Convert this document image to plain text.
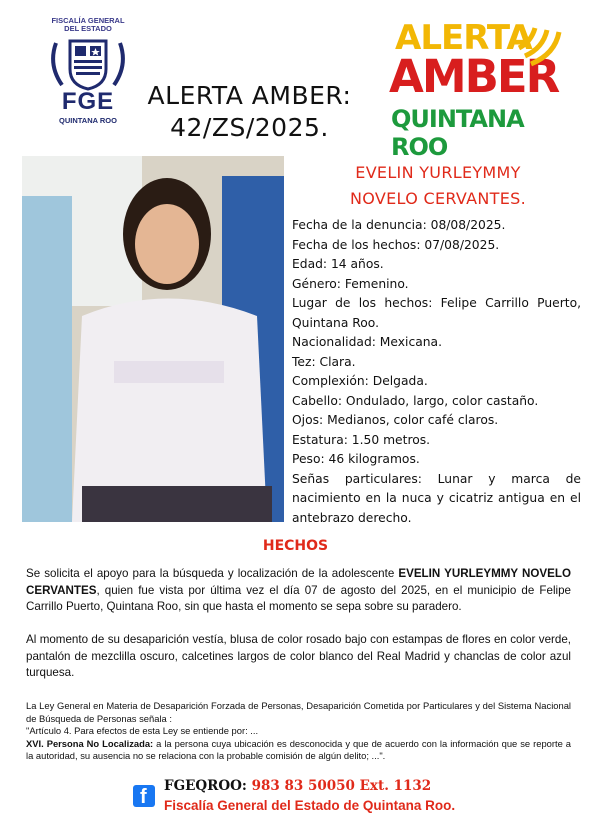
FISCALÍA GENERAL
DEL ESTADO
FGE
QUINTANA ROO
ALERTA AMBER:
42/ZS/2025.
ALERTA
AMBER
QUINTANA ROO
EVELIN YURLEYMMY
NOVELO CERVANTES.
Fecha de la denuncia: 08/08/2025.
Fecha de los hechos: 07/08/2025.
Edad: 14 años.
Género: Femenino.
Lugar de los hechos: Felipe Carrillo Puerto, Quintana Roo.
Nacionalidad: Mexicana.
Tez: Clara.
Complexión: Delgada.
Cabello: Ondulado, largo, color castaño.
Ojos: Medianos, color café claros.
Estatura: 1.50 metros.
Peso: 46 kilogramos.
Señas particulares: Lunar y marca de nacimiento en la nuca y cicatriz antigua en el antebrazo derecho.
HECHOS

Se solicita el apoyo para la búsqueda y localización de la adolescente EVELIN YURLEYMMY NOVELO CERVANTES, quien fue vista por última vez el día 07 de agosto del 2025, en el municipio de Felipe Carrillo Puerto, Quintana Roo, sin que hasta el momento se sepa sobre su paradero.

Al momento de su desaparición vestía, blusa de color rosado bajo con estampas de flores en color verde, pantalón de mezclilla oscuro, calcetines largos de color blanco del Real Madrid y chanclas de color azul turquesa.

La Ley General en Materia de Desaparición Forzada de Personas, Desaparición Cometida por Particulares y del Sistema Nacional de Búsqueda de Personas señala :
"Artículo 4. Para efectos de esta Ley se entiende por: ...
XVI. Persona No Localizada: a la persona cuya ubicación es desconocida y que de acuerdo con la información que se reporte a la autoridad, su ausencia no se relaciona con la probable comisión de algún delito; ...".
f FGEQROO: 983 83 50050 Ext. 1132
Fiscalía General del Estado de Quintana Roo.
